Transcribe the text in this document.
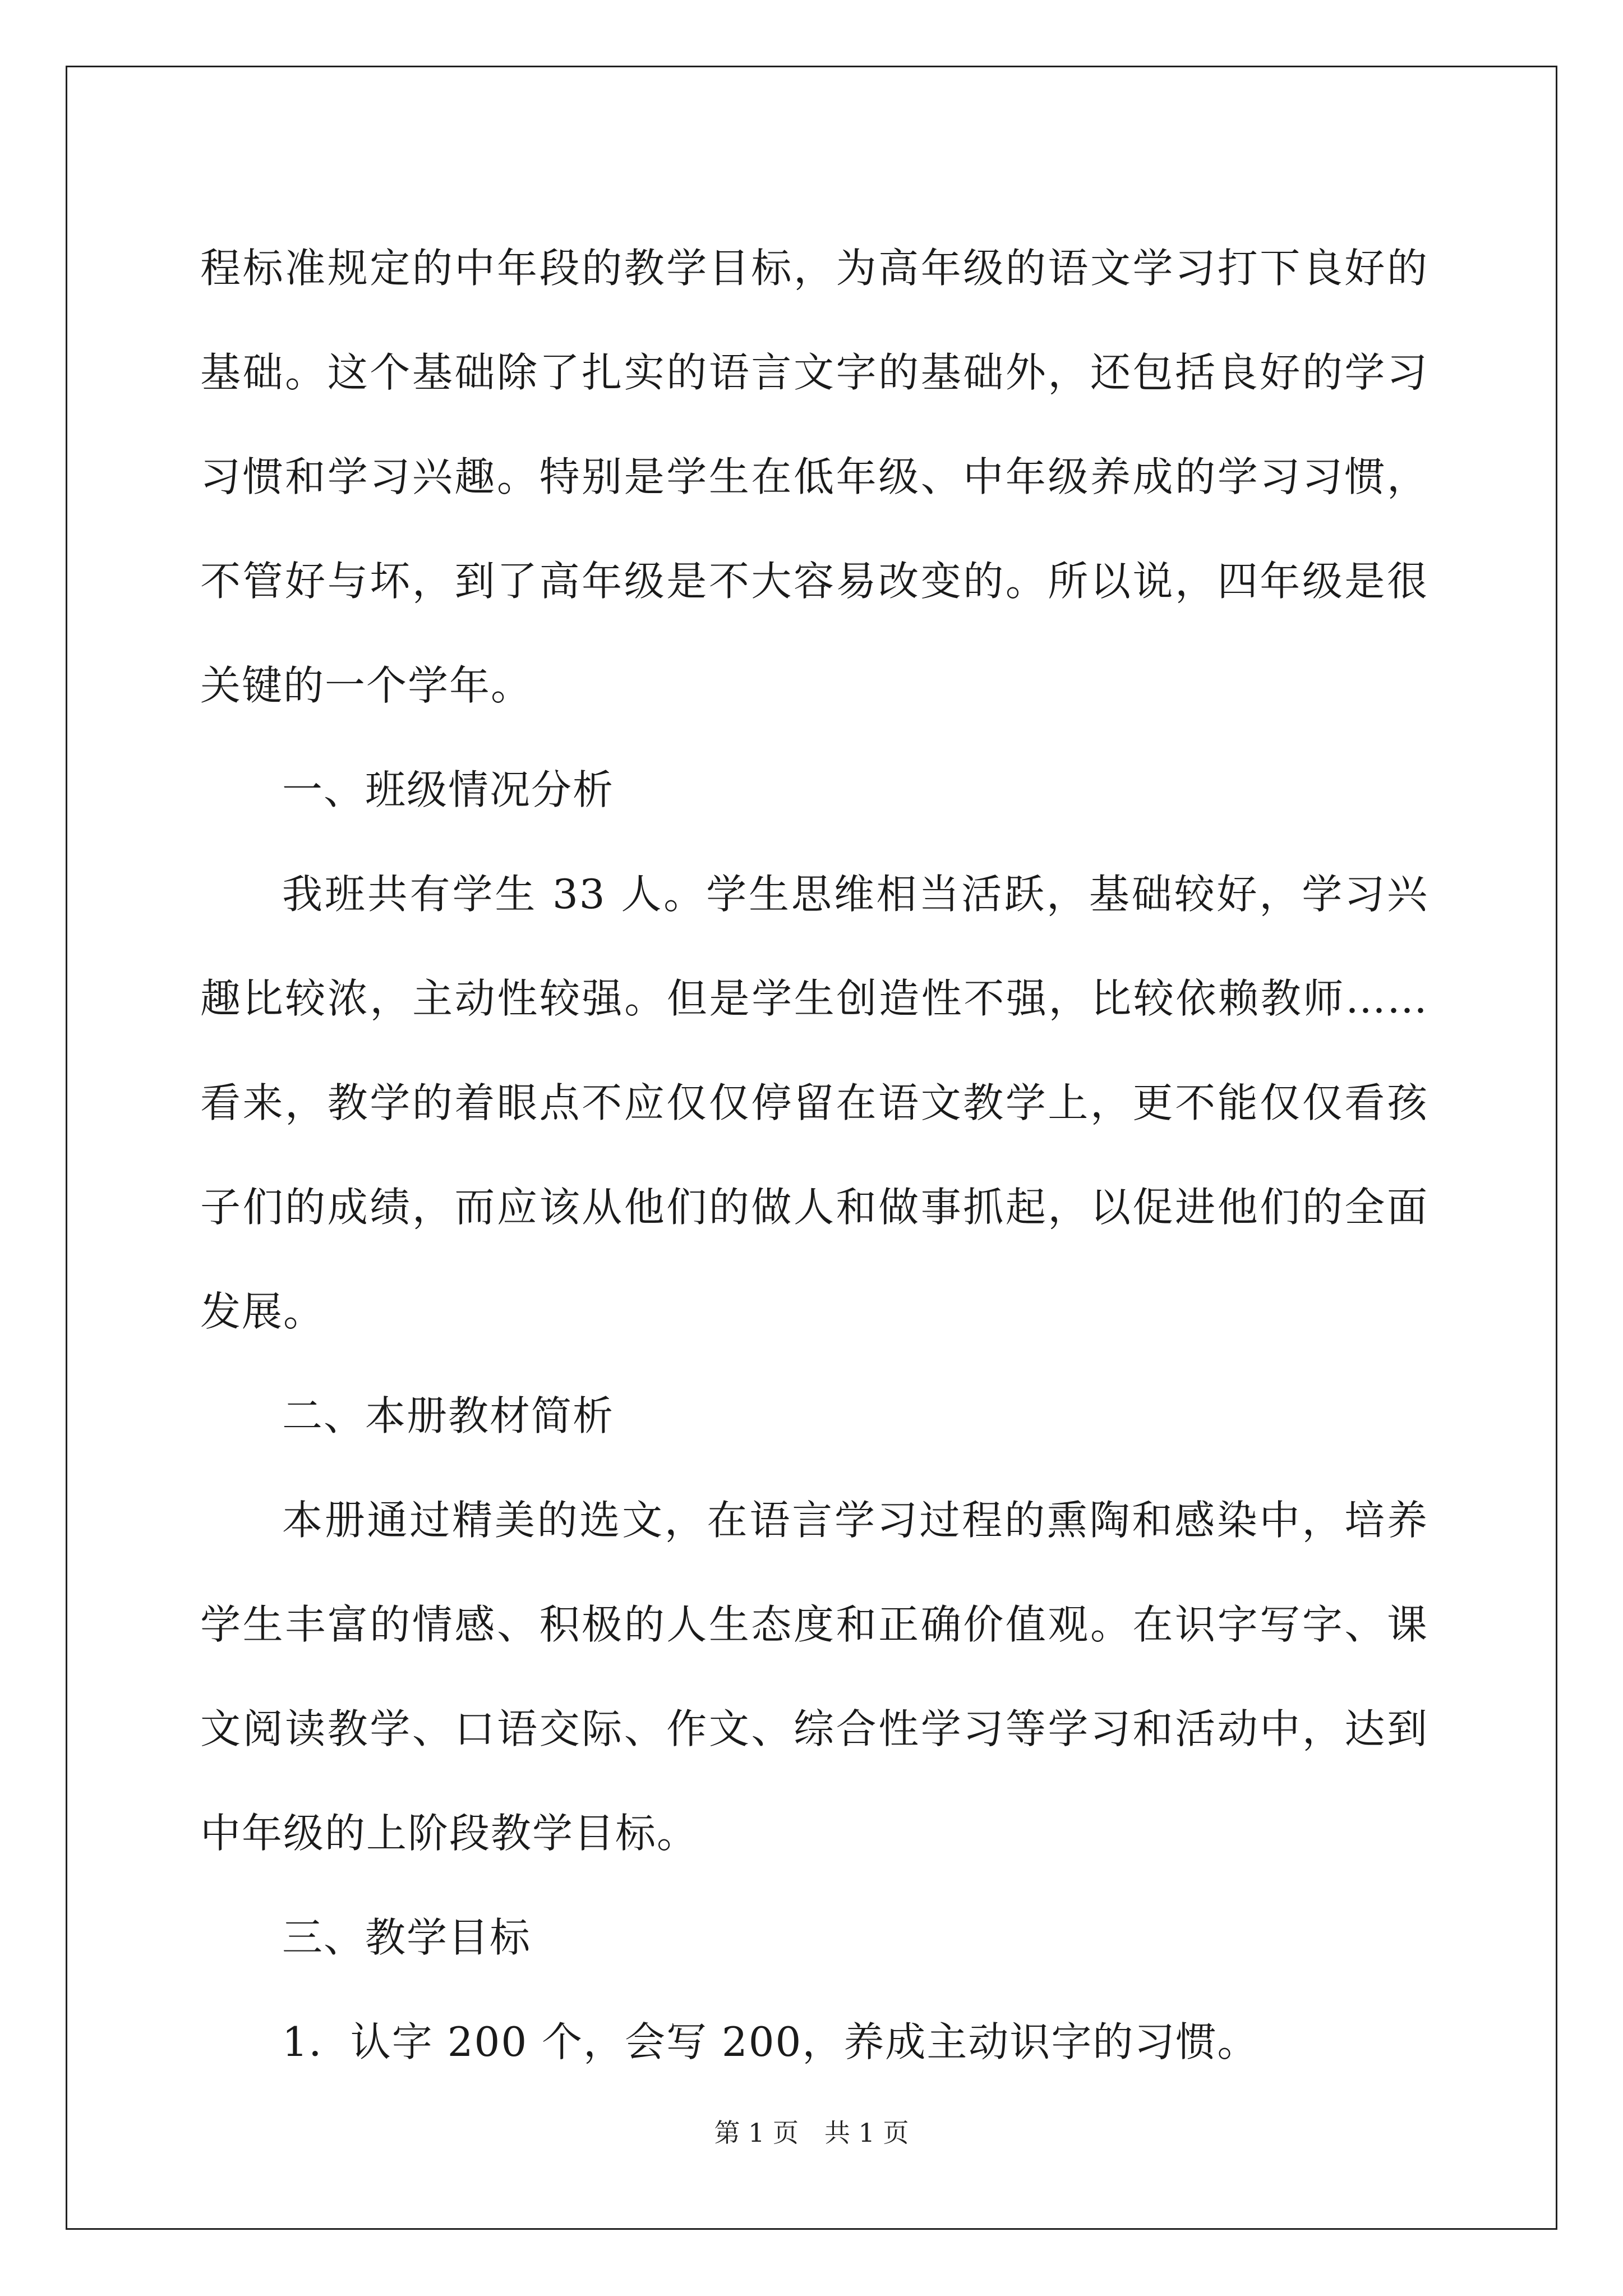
程标准规定的中年段的教学目标，为高年级的语文学习打下良好的基础。这个基础除了扎实的语言文字的基础外，还包括良好的学习习惯和学习兴趣。特别是学生在低年级、中年级养成的学习习惯，不管好与坏，到了高年级是不大容易改变的。所以说，四年级是很关键的一个学年。

一、班级情况分析

我班共有学生 33 人。学生思维相当活跃，基础较好，学习兴趣比较浓，主动性较强。但是学生创造性不强，比较依赖教师……看来，教学的着眼点不应仅仅停留在语文教学上，更不能仅仅看孩子们的成绩，而应该从他们的做人和做事抓起，以促进他们的全面发展。

二、本册教材简析

本册通过精美的选文，在语言学习过程的熏陶和感染中，培养学生丰富的情感、积极的人生态度和正确价值观。在识字写字、课文阅读教学、口语交际、作文、综合性学习等学习和活动中，达到中年级的上阶段教学目标。

三、教学目标

1．认字 200 个，会写 200，养成主动识字的习惯。

第 1 页　共 1 页
